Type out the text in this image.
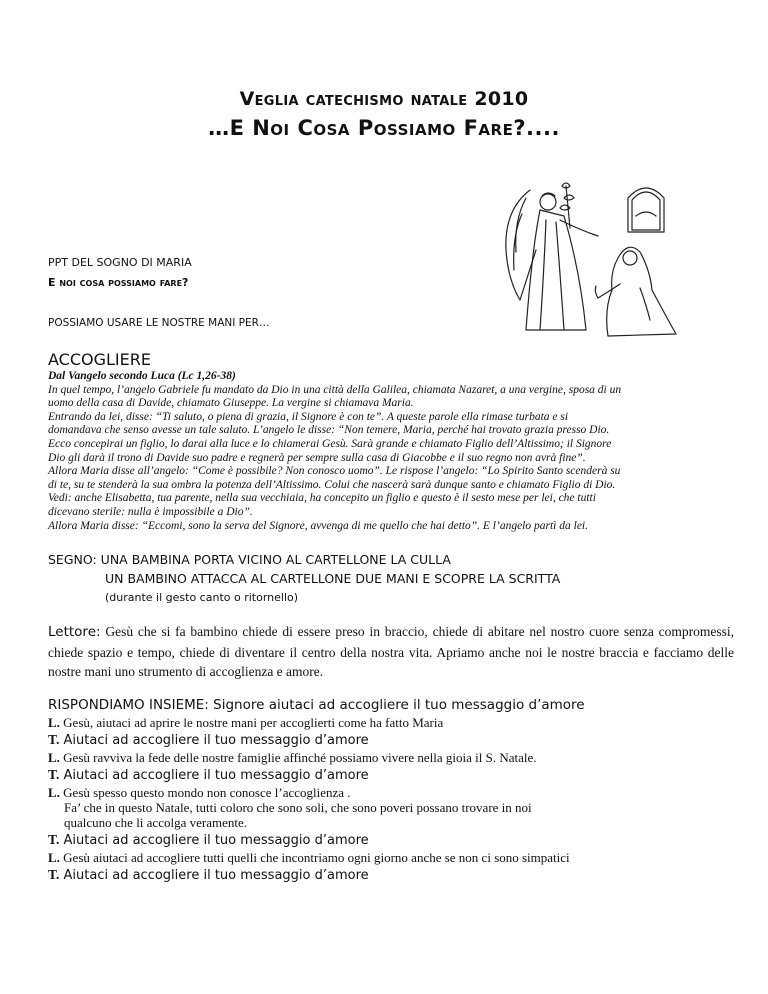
Veglia catechismo natale 2010
…E Noi Cosa Possiamo Fare?....
PPT DEL SOGNO DI MARIA
E noi cosa possiamo fare?
POSSIAMO USARE LE NOSTRE MANI PER…
ACCOGLIERE
Dal Vangelo secondo Luca (Lc 1,26-38)
In quel tempo, l’angelo Gabriele fu mandato da Dio in una città della Galilea, chiamata Nazaret, a una vergine, sposa di un
uomo della casa di Davide, chiamato Giuseppe. La vergine si chiamava Maria.
Entrando da lei, disse: “Ti saluto, o piena di grazia, il Signore è con te”. A queste parole ella rimase turbata e si
domandava che senso avesse un tale saluto. L’angelo le disse: “Non temere, Maria, perché hai trovato grazia presso Dio.
Ecco concepirai un figlio, lo darai alla luce e lo chiamerai Gesù. Sarà grande e chiamato Figlio dell’Altissimo; il Signore
Dio gli darà il trono di Davide suo padre e regnerà per sempre sulla casa di Giacobbe e il suo regno non avrà fine”.
Allora Maria disse all’angelo: “Come è possibile? Non conosco uomo”. Le rispose l’angelo: “Lo Spirito Santo scenderà su
di te, su te stenderà la sua ombra la potenza dell’Altissimo. Colui che nascerà sarà dunque santo e chiamato Figlio di Dio.
Vedi: anche Elisabetta, tua parente, nella sua vecchiaia, ha concepito un figlio e questo è il sesto mese per lei, che tutti
dicevano sterile: nulla è impossibile a Dio”.
Allora Maria disse: “Eccomi, sono la serva del Signore, avvenga di me quello che hai detto”. E l’angelo partì da lei.
SEGNO: UNA BAMBINA PORTA VICINO AL CARTELLONE LA CULLA
UN BAMBINO ATTACCA AL CARTELLONE DUE MANI E SCOPRE LA SCRITTA
(durante il gesto canto o ritornello)
Lettore: Gesù che si fa bambino chiede di essere preso in braccio, chiede di abitare nel nostro cuore senza compromessi, chiede spazio e tempo, chiede di diventare il centro della nostra vita. Apriamo anche noi le nostre braccia e facciamo delle nostre mani uno strumento di accoglienza e amore.
RISPONDIAMO INSIEME: Signore aiutaci ad accogliere il tuo messaggio d’amore
L. Gesù, aiutaci ad aprire le nostre mani per accoglierti come ha fatto Maria
T. Aiutaci ad accogliere il tuo messaggio d’amore
L. Gesù ravviva la fede delle nostre famiglie affinché possiamo vivere nella gioia il S. Natale.
T. Aiutaci ad accogliere il tuo messaggio d’amore
L. Gesù spesso questo mondo non conosce l’accoglienza .
Fa’ che in questo Natale, tutti coloro che sono soli, che sono poveri possano trovare in noi
qualcuno che li accolga veramente.
T. Aiutaci ad accogliere il tuo messaggio d’amore
L. Gesù aiutaci ad accogliere tutti quelli che incontriamo ogni giorno anche se non ci sono simpatici
T. Aiutaci ad accogliere il tuo messaggio d’amore
